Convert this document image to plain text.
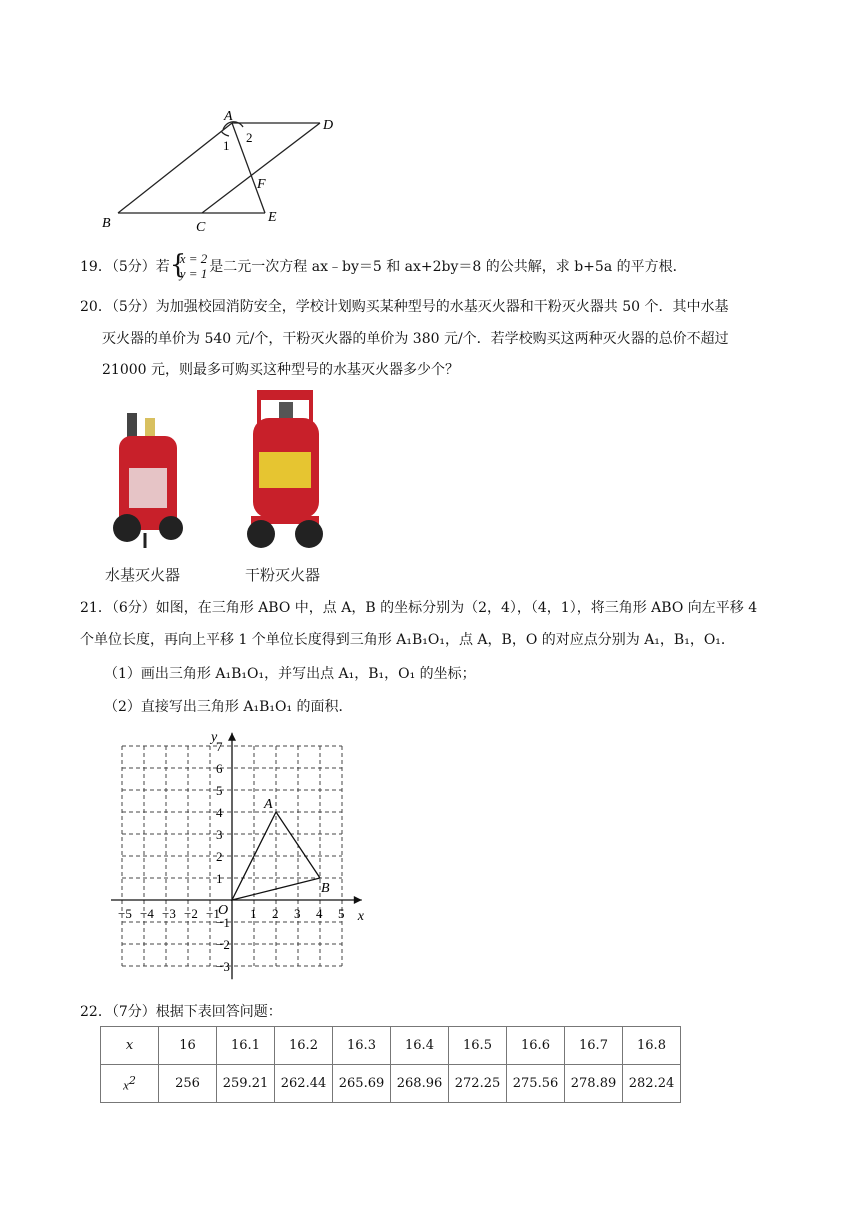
A
D
1
2
F
B	C
E
19．（5分）若{ x = 2
y = 1 是二元一次方程 ax﹣by＝5 和 ax+2by＝8 的公共解，求 b+5a 的平方根．
20．（5分）为加强校园消防安全，学校计划购买某种型号的水基灭火器和干粉灭火器共 50 个．其中水基
灭火器的单价为 540 元/个，干粉灭火器的单价为 380 元/个．若学校购买这两种灭火器的总价不超过
21000 元，则最多可购买这种型号的水基灭火器多少个？
水基灭火器	干粉灭火器
21．（6分）如图，在三角形 ABO 中，点 A，B 的坐标分别为（2，4），（4，1），将三角形 ABO 向左平移 4
个单位长度，再向上平移 1 个单位长度得到三角形 A₁B₁O₁，点 A，B，O 的对应点分别为 A₁，B₁，O₁．
（1）画出三角形 A₁B₁O₁，并写出点 A₁，B₁，O₁ 的坐标；
（2）直接写出三角形 A₁B₁O₁ 的面积．
−5 −4 −3 −2 −1 1 2 3 4 5
7
6
5
4
3
2
1
−1
−2
−3
x
y
O
A
B
22．（7分）根据下表回答问题：
x	16	16.1	16.2	16.3	16.4	16.5	16.6	16.7	16.8
$x^2$	256	259.21	262.44	265.69	268.96	272.25	275.56	278.89	282.24
